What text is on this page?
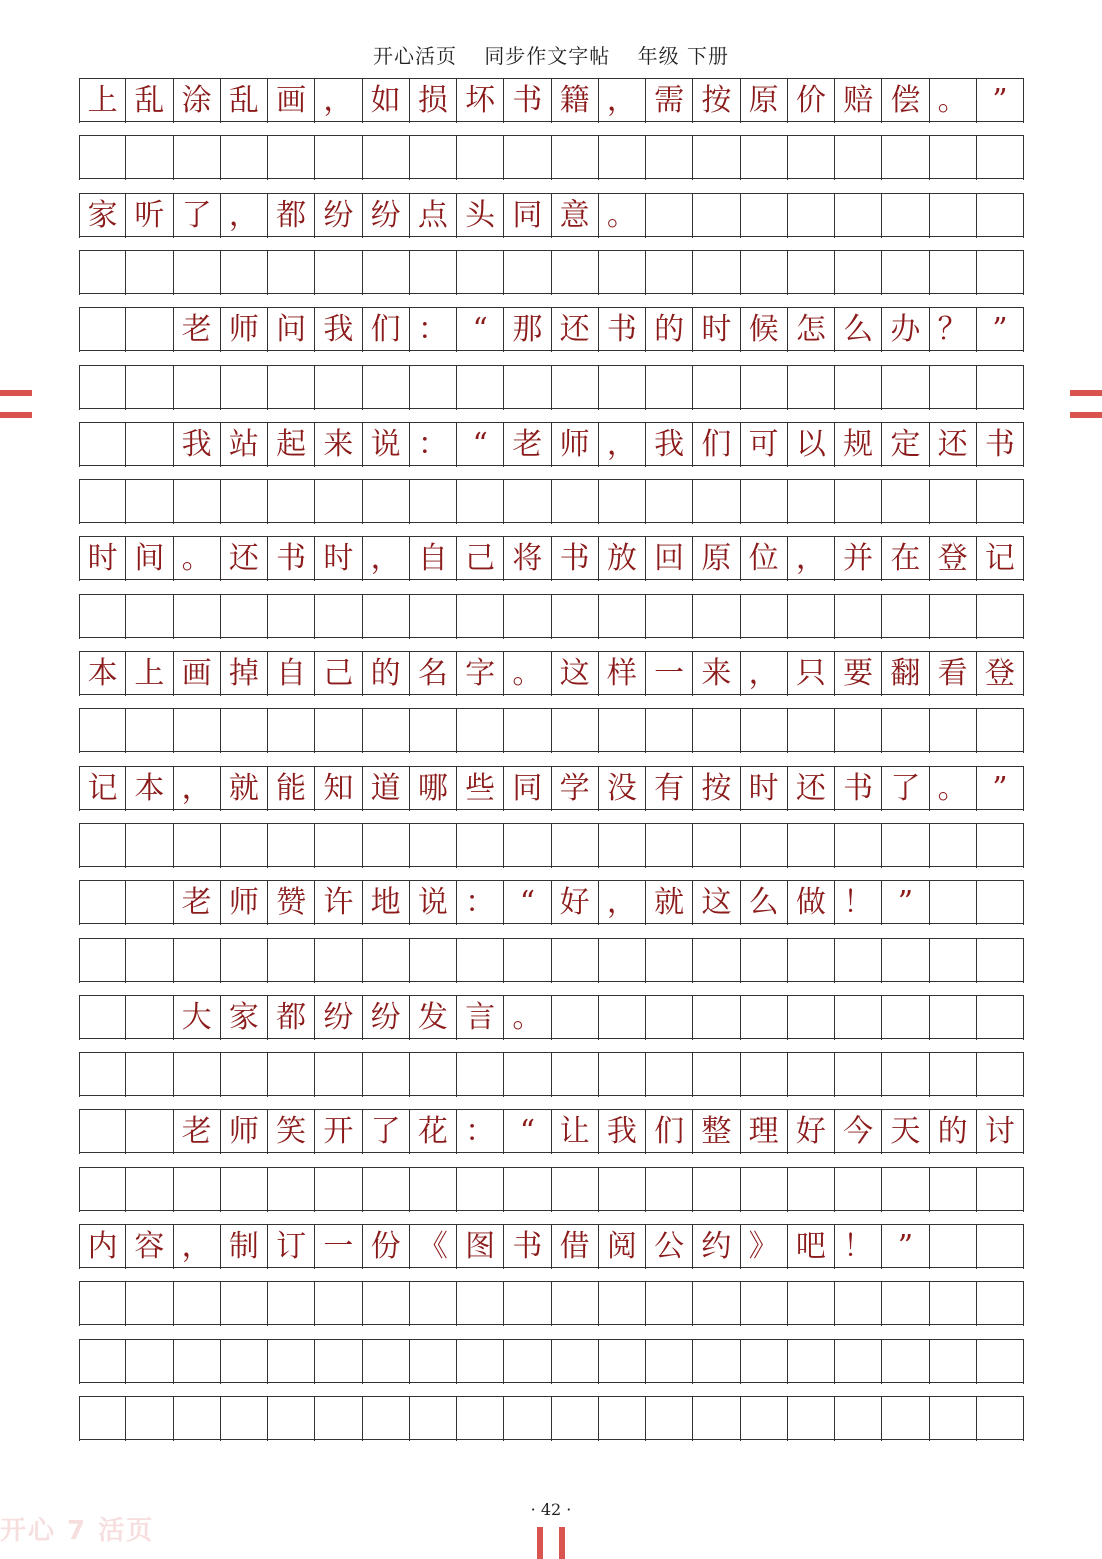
开心活页 同步作文字帖 年级 下册
上 乱 涂 乱 画 ， 如 损 坏 书 籍 ， 需 按 原 价 赔 偿 。 ”
家 听 了 ， 都 纷 纷 点 头 同 意 。
老 师 问 我 们 ： “ 那 还 书 的 时 候 怎 么 办 ？ ”
我 站 起 来 说 ： “ 老 师 ， 我 们 可 以 规 定 还 书
时 间 。 还 书 时 ， 自 己 将 书 放 回 原 位 ， 并 在 登 记
本 上 画 掉 自 己 的 名 字 。 这 样 一 来 ， 只 要 翻 看 登
记 本 ， 就 能 知 道 哪 些 同 学 没 有 按 时 还 书 了 。 ”
老 师 赞 许 地 说 ： “ 好 ， 就 这 么 做 ！ ”
大 家 都 纷 纷 发 言 。
老 师 笑 开 了 花 ： “ 让 我 们 整 理 好 今 天 的 讨
内 容 ， 制 订 一 份 《 图 书 借 阅 公 约 》 吧 ！ ”
· 42 ·
开心 7 活页
